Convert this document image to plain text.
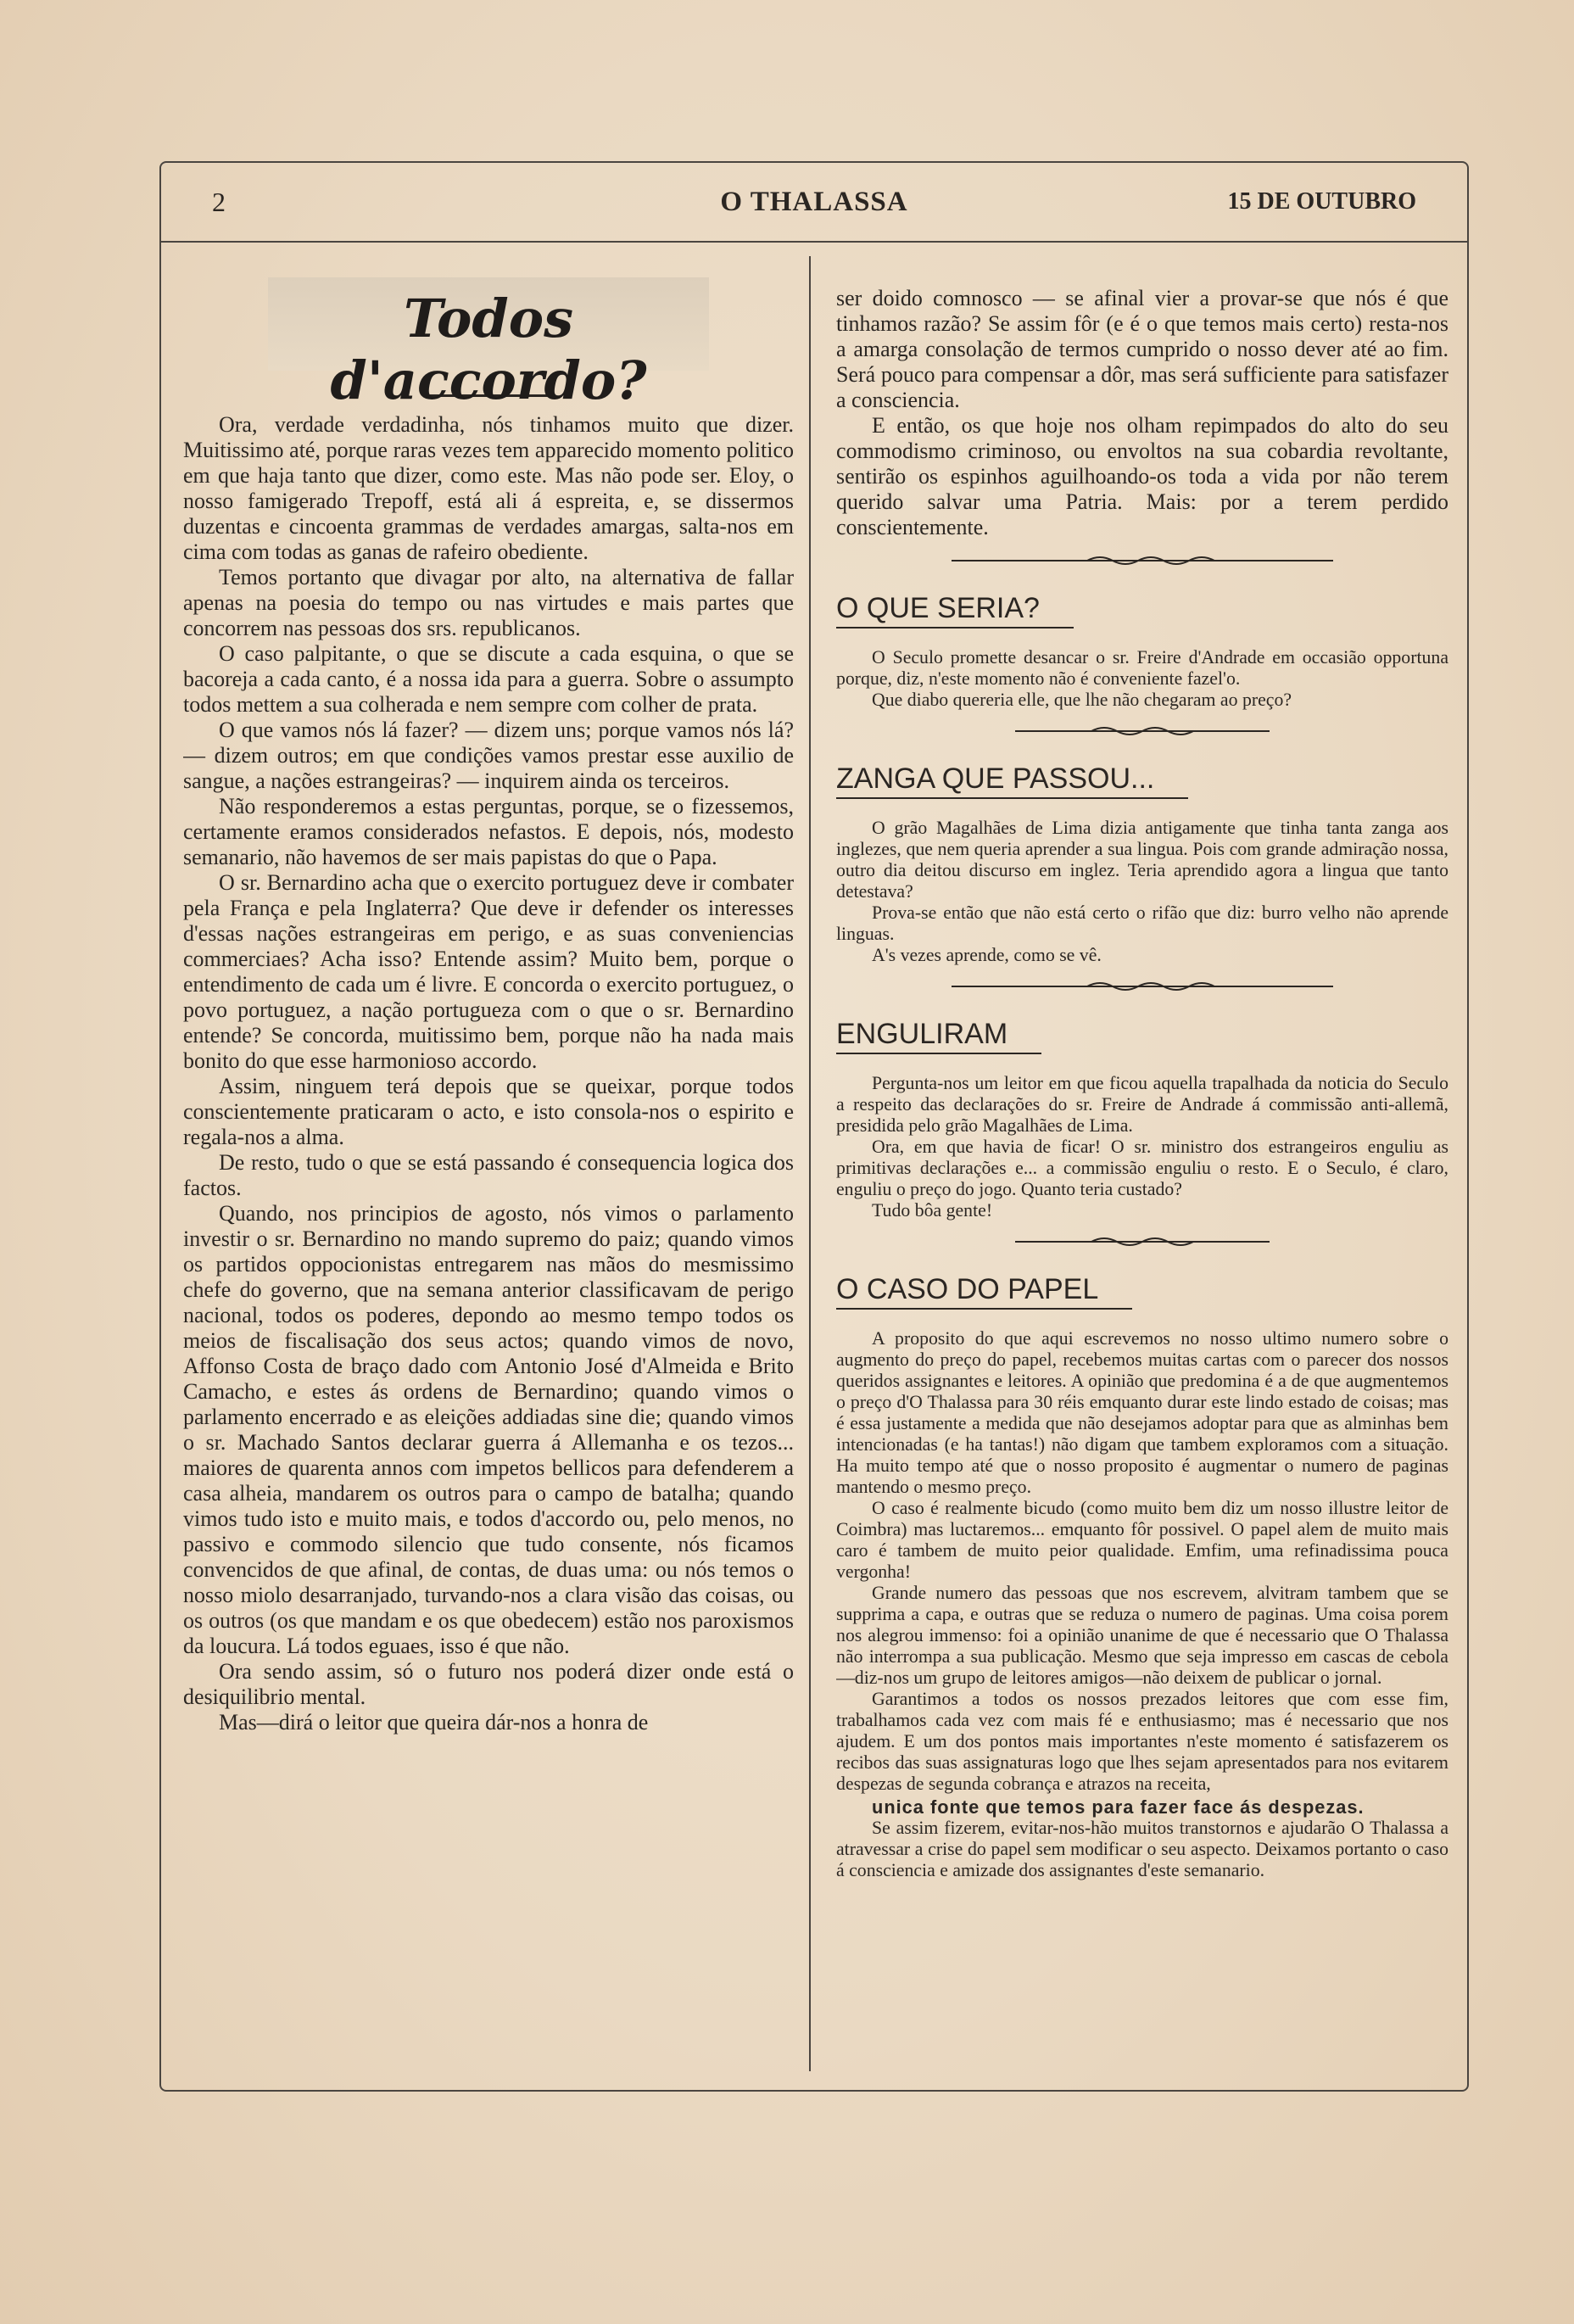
2	O THALASSA	15 DE OUTUBRO
Todos d'accordo?

Ora, verdade verdadinha, nós tinhamos muito que dizer. Muitissimo até, porque raras vezes tem apparecido momento politico em que haja tanto que dizer, como este. Mas não pode ser. Eloy, o nosso famigerado Trepoff, está ali á espreita, e, se dissermos duzentas e cincoenta grammas de verdades amargas, salta-nos em cima com todas as ganas de rafeiro obediente.

Temos portanto que divagar por alto, na alternativa de fallar apenas na poesia do tempo ou nas virtudes e mais partes que concorrem nas pessoas dos srs. republicanos.

O caso palpitante, o que se discute a cada esquina, o que se bacoreja a cada canto, é a nossa ida para a guerra. Sobre o assumpto todos mettem a sua colherada e nem sempre com colher de prata.

O que vamos nós lá fazer? — dizem uns; porque vamos nós lá? — dizem outros; em que condições vamos prestar esse auxilio de sangue, a nações estrangeiras? — inquirem ainda os terceiros.

Não responderemos a estas perguntas, porque, se o fizessemos, certamente eramos considerados nefastos. E depois, nós, modesto semanario, não havemos de ser mais papistas do que o Papa.

O sr. Bernardino acha que o exercito portuguez deve ir combater pela França e pela Inglaterra? Que deve ir defender os interesses d'essas nações estrangeiras em perigo, e as suas conveniencias commerciaes? Acha isso? Entende assim? Muito bem, porque o entendimento de cada um é livre. E concorda o exercito portuguez, o povo portuguez, a nação portugueza com o que o sr. Bernardino entende? Se concorda, muitissimo bem, porque não ha nada mais bonito do que esse harmonioso accordo.

Assim, ninguem terá depois que se queixar, porque todos conscientemente praticaram o acto, e isto consola-nos o espirito e regala-nos a alma.

De resto, tudo o que se está passando é consequencia logica dos factos.

Quando, nos principios de agosto, nós vimos o parlamento investir o sr. Bernardino no mando supremo do paiz; quando vimos os partidos oppocionistas entregarem nas mãos do mesmissimo chefe do governo, que na semana anterior classificavam de perigo nacional, todos os poderes, depondo ao mesmo tempo todos os meios de fiscalisação dos seus actos; quando vimos de novo, Affonso Costa de braço dado com Antonio José d'Almeida e Brito Camacho, e estes ás ordens de Bernardino; quando vimos o parlamento encerrado e as eleições addiadas sine die; quando vimos o sr. Machado Santos declarar guerra á Allemanha e os tezos... maiores de quarenta annos com impetos bellicos para defenderem a casa alheia, mandarem os outros para o campo de batalha; quando vimos tudo isto e muito mais, e todos d'accordo ou, pelo menos, no passivo e commodo silencio que tudo consente, nós ficamos convencidos de que afinal, de contas, de duas uma: ou nós temos o nosso miolo desarranjado, turvando-nos a clara visão das coisas, ou os outros (os que mandam e os que obedecem) estão nos paroxismos da loucura. Lá todos eguaes, isso é que não.

Ora sendo assim, só o futuro nos poderá dizer onde está o desiquilibrio mental.

Mas—dirá o leitor que queira dár-nos a honra de

ser doido comnosco — se afinal vier a provar-se que nós é que tinhamos razão? Se assim fôr (e é o que temos mais certo) resta-nos a amarga consolação de termos cumprido o nosso dever até ao fim. Será pouco para compensar a dôr, mas será sufficiente para satisfazer a consciencia.

E então, os que hoje nos olham repimpados do alto do seu commodismo criminoso, ou envoltos na sua cobardia revoltante, sentirão os espinhos aguilhoando-os toda a vida por não terem querido salvar uma Patria. Mais: por a terem perdido conscientemente.

O QUE SERIA?

O Seculo promette desancar o sr. Freire d'Andrade em occasião opportuna porque, diz, n'este momento não é conveniente fazel'o.

Que diabo quereria elle, que lhe não chegaram ao preço?

ZANGA QUE PASSOU...

O grão Magalhães de Lima dizia antigamente que tinha tanta zanga aos inglezes, que nem queria aprender a sua lingua. Pois com grande admiração nossa, outro dia deitou discurso em inglez. Teria aprendido agora a lingua que tanto detestava?

Prova-se então que não está certo o rifão que diz: burro velho não aprende linguas.

A's vezes aprende, como se vê.

ENGULIRAM

Pergunta-nos um leitor em que ficou aquella trapalhada da noticia do Seculo a respeito das declarações do sr. Freire de Andrade á commissão anti-allemã, presidida pelo grão Magalhães de Lima.

Ora, em que havia de ficar! O sr. ministro dos estrangeiros enguliu as primitivas declarações e... a commissão enguliu o resto. E o Seculo, é claro, enguliu o preço do jogo. Quanto teria custado?

Tudo bôa gente!

O CASO DO PAPEL

A proposito do que aqui escrevemos no nosso ultimo numero sobre o augmento do preço do papel, recebemos muitas cartas com o parecer dos nossos queridos assignantes e leitores. A opinião que predomina é a de que augmentemos o preço d'O Thalassa para 30 réis emquanto durar este lindo estado de coisas; mas é essa justamente a medida que não desejamos adoptar para que as alminhas bem intencionadas (e ha tantas!) não digam que tambem exploramos com a situação. Ha muito tempo até que o nosso proposito é augmentar o numero de paginas mantendo o mesmo preço.

O caso é realmente bicudo (como muito bem diz um nosso illustre leitor de Coimbra) mas luctaremos... emquanto fôr possivel. O papel alem de muito mais caro é tambem de muito peior qualidade. Emfim, uma refinadissima pouca vergonha!

Grande numero das pessoas que nos escrevem, alvitram tambem que se supprima a capa, e outras que se reduza o numero de paginas. Uma coisa porem nos alegrou immenso: foi a opinião unanime de que é necessario que O Thalassa não interrompa a sua publicação. Mesmo que seja impresso em cascas de cebola—diz-nos um grupo de leitores amigos—não deixem de publicar o jornal.

Garantimos a todos os nossos prezados leitores que com esse fim, trabalhamos cada vez com mais fé e enthusiasmo; mas é necessario que nos ajudem. E um dos pontos mais importantes n'este momento é satisfazerem os recibos das suas assignaturas logo que lhes sejam apresentados para nos evitarem despezas de segunda cobrança e atrazos na receita,

unica fonte que temos para fazer face ás despezas.

Se assim fizerem, evitar-nos-hão muitos transtornos e ajudarão O Thalassa a atravessar a crise do papel sem modificar o seu aspecto. Deixamos portanto o caso á consciencia e amizade dos assignantes d'este semanario.
